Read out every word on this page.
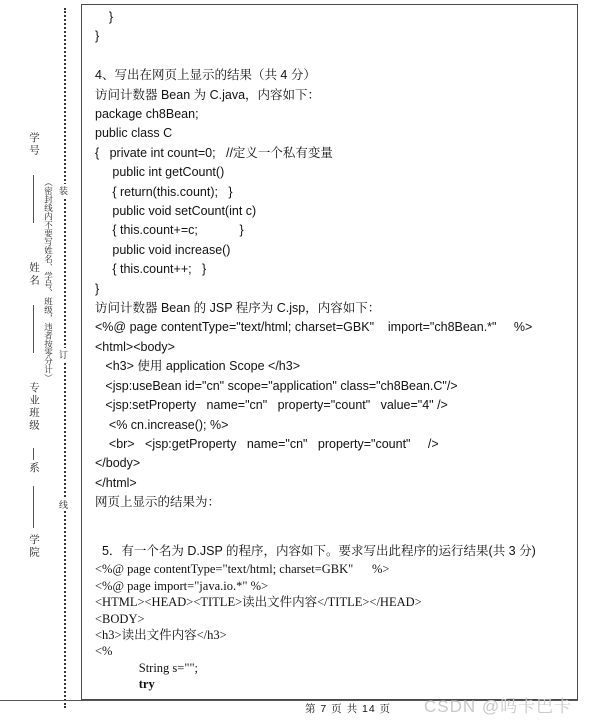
学号
姓名
专业班级
系
学院
（密封线内不要写姓名、学号、班级，违者按零分计） 装
订
线
}
}
4、写出在网页上显示的结果（共 4 分）
访问计数器 Bean 为 C.java，内容如下：
package ch8Bean;
public class C
{   private int count=0;   //定义一个私有变量
public int getCount()
{ return(this.count);   }
public void setCount(int c)
{ this.count+=c;            }
public void increase()
{ this.count++;   }
}
访问计数器 Bean 的 JSP 程序为 C.jsp，内容如下：
<%@ page contentType="text/html; charset=GBK"    import="ch8Bean.*"     %>
<html><body>
<h3> 使用 application Scope </h3>
<jsp:useBean id="cn" scope="application" class="ch8Bean.C"/>
<jsp:setProperty   name="cn"   property="count"   value="4" />
<% cn.increase(); %>
<br>   <jsp:getProperty   name="cn"   property="count"     />
</body>
</html>
网页上显示的结果为：
5．有一个名为 D.JSP 的程序，内容如下。要求写出此程序的运行结果(共 3 分)
<%@ page contentType="text/html; charset=GBK"      %>
<%@ page import="java.io.*" %>
<HTML><HEAD><TITLE>读出文件内容</TITLE></HEAD>
<BODY>
<h3>读出文件内容</h3>
<%
String s="";
try
第 7 页 共 14 页 CSDN @吗卡巴卡
